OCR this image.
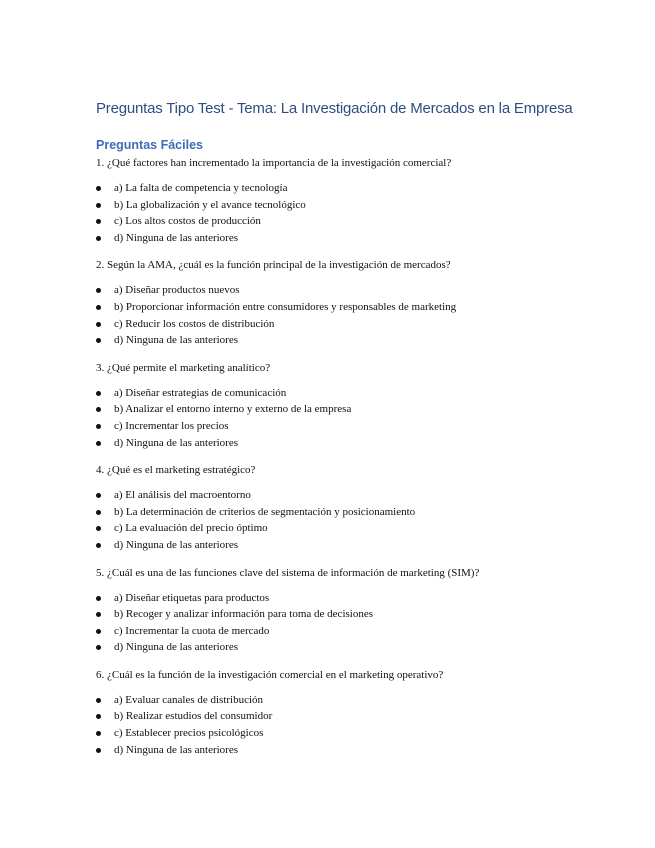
Preguntas Tipo Test - Tema: La Investigación de Mercados en la Empresa
Preguntas Fáciles

1. ¿Qué factores han incrementado la importancia de la investigación comercial?

a) La falta de competencia y tecnología
b) La globalización y el avance tecnológico
c) Los altos costos de producción
d) Ninguna de las anteriores

2. Según la AMA, ¿cuál es la función principal de la investigación de mercados?

a) Diseñar productos nuevos
b) Proporcionar información entre consumidores y responsables de marketing
c) Reducir los costos de distribución
d) Ninguna de las anteriores

3. ¿Qué permite el marketing analítico?

a) Diseñar estrategias de comunicación
b) Analizar el entorno interno y externo de la empresa
c) Incrementar los precios
d) Ninguna de las anteriores

4. ¿Qué es el marketing estratégico?

a) El análisis del macroentorno
b) La determinación de criterios de segmentación y posicionamiento
c) La evaluación del precio óptimo
d) Ninguna de las anteriores

5. ¿Cuál es una de las funciones clave del sistema de información de marketing (SIM)?

a) Diseñar etiquetas para productos
b) Recoger y analizar información para toma de decisiones
c) Incrementar la cuota de mercado
d) Ninguna de las anteriores

6. ¿Cuál es la función de la investigación comercial en el marketing operativo?

a) Evaluar canales de distribución
b) Realizar estudios del consumidor
c) Establecer precios psicológicos
d) Ninguna de las anteriores
